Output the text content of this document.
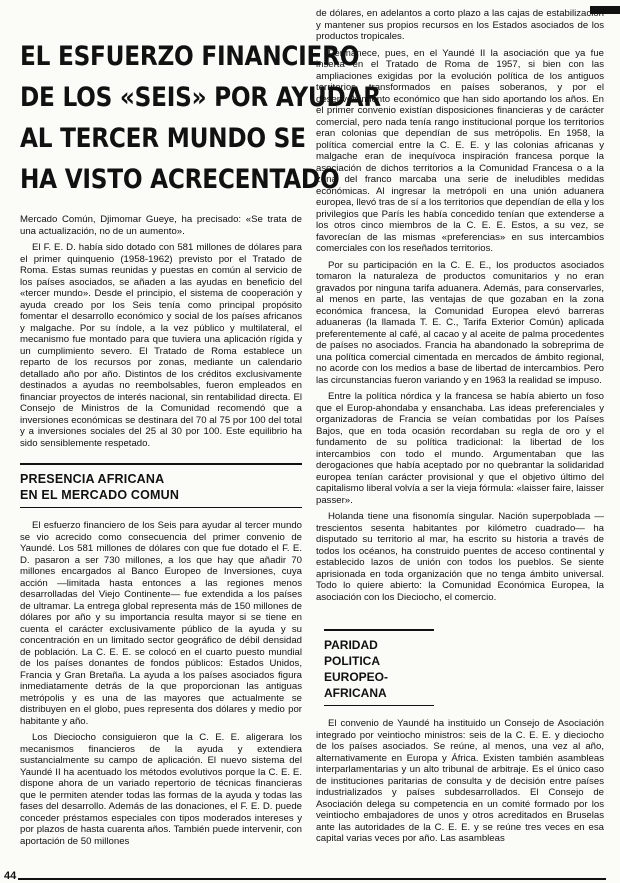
EL ESFUERZO FINANCIERO
DE LOS «SEIS» POR AYUDAR
AL TERCER MUNDO SE
HA VISTO ACRECENTADO

Mercado Común, Djimomar Gueye, ha precisado: «Se trata de una actualización, no de un aumento».

El F. E. D. había sido dotado con 581 millones de dólares para el primer quinquenio (1958-1962) previsto por el Tratado de Roma. Estas sumas reunidas y puestas en común al servicio de los países asociados, se añaden a las ayudas en beneficio del «tercer mundo». Desde el principio, el sistema de cooperación y ayuda creado por los Seis tenía como principal propósito fomentar el desarrollo económico y social de los países africanos y malgache. Por su índole, a la vez público y multilateral, el mecanismo fue montado para que tuviera una aplicación rígida y un cumplimiento severo. El Tratado de Roma establece un reparto de los recursos por zonas, mediante un calendario detallado año por año. Distintos de los créditos exclusivamente destinados a ayudas no reembolsables, fueron empleados en financiar proyectos de interés nacional, sin rentabilidad directa. El Consejo de Ministros de la Comunidad recomendó que a inversiones económicas se destinara del 70 al 75 por 100 del total y a inversiones sociales del 25 al 30 por 100. Este equilibrio ha sido sensiblemente respetado.

PRESENCIA AFRICANA
EN EL MERCADO COMUN

El esfuerzo financiero de los Seis para ayudar al tercer mundo se vio acrecido como consecuencia del primer convenio de Yaundé. Los 581 millones de dólares con que fue dotado el F. E. D. pasaron a ser 730 millones, a los que hay que añadir 70 millones encargados al Banco Europeo de Inversiones, cuya acción —limitada hasta entonces a las regiones menos desarrolladas del Viejo Continente— fue extendida a los países de ultramar. La entrega global representa más de 150 millones de dólares por año y su importancia resulta mayor si se tiene en cuenta el carácter exclusivamente público de la ayuda y su concentración en un limitado sector geográfico de débil densidad de población. La C. E. E. se colocó en el cuarto puesto mundial de los países donantes de fondos públicos: Estados Unidos, Francia y Gran Bretaña. La ayuda a los países asociados figura inmediatamente detrás de la que proporcionan las antiguas metrópolis y es una de las mayores que actualmente se distribuyen en el globo, pues representa dos dólares y medio por habitante y año.

Los Dieciocho consiguieron que la C. E. E. aligerara los mecanismos financieros de la ayuda y extendiera sustancialmente su campo de aplicación. El nuevo sistema del Yaundé II ha acentuado los métodos evolutivos porque la C. E. E. dispone ahora de un variado repertorio de técnicas financieras que le permiten atender todas las formas de la ayuda y todas las fases del desarrollo. Además de las donaciones, el F. E. D. puede conceder préstamos especiales con tipos moderados intereses y por plazos de hasta cuarenta años. También puede intervenir, con aportación de 50 millones

de dólares, en adelantos a corto plazo a las cajas de estabilización y mantener sus propios recursos en los Estados asociados de los productos tropicales.

Permanece, pues, en el Yaundé II la asociación que ya fue inserta en el Tratado de Roma de 1957, si bien con las ampliaciones exigidas por la evolución política de los antiguos territorios, transformados en países soberanos, y por el desenvolvimiento económico que han sido aportando los años. En el primer convenio existían disposiciones financieras y de carácter comercial, pero nada tenía rango institucional porque los territorios eran colonias que dependían de sus metrópolis. En 1958, la política comercial entre la C. E. E. y las colonias africanas y malgache eran de inequívoca inspiración francesa porque la asociación de dichos territorios a la Comunidad Francesa o a la zona del franco marcaba una serie de ineludibles medidas económicas. Al ingresar la metrópoli en una unión aduanera europea, llevó tras de sí a los territorios que dependían de ella y los privilegios que París les había concedido tenían que extenderse a los otros cinco miembros de la C. E. E. Estos, a su vez, se favorecían de las mismas «preferencias» en sus intercambios comerciales con los reseñados territorios.

Por su participación en la C. E. E., los productos asociados tomaron la naturaleza de productos comunitarios y no eran gravados por ninguna tarifa aduanera. Además, para conservarles, al menos en parte, las ventajas de que gozaban en la zona económica francesa, la Comunidad Europea elevó barreras aduaneras (la llamada T. E. C., Tarifa Exterior Común) aplicada preferentemente al café, al cacao y al aceite de palma procedentes de países no asociados. Francia ha abandonado la sobreprima de una política comercial cimentada en mercados de ámbito regional, no acorde con los medios a base de libertad de intercambios. Pero las circunstancias fueron variando y en 1963 la realidad se impuso.

Entre la política nórdica y la francesa se había abierto un foso que el Europ-ahondaba y ensanchaba. Las ideas preferenciales y organizadoras de Francia se veían combatidas por los Países Bajos, que en toda ocasión recordaban su regla de oro y el fundamento de su política tradicional: la libertad de los intercambios con todo el mundo. Argumentaban que las derogaciones que había aceptado por no quebrantar la solidaridad europea tenían carácter provisional y que el objetivo último del capitalismo liberal volvía a ser la vieja fórmula: «laisser faire, laisser passer».

Holanda tiene una fisonomía singular. Nación superpoblada —trescientos sesenta habitantes por kilómetro cuadrado— ha disputado su territorio al mar, ha escrito su historia a través de todos los océanos, ha construido puentes de acceso continental y establecido lazos de unión con todos los pueblos. Se siente aprisionada en toda organización que no tenga ámbito universal. Todo lo quiere abierto: la Comunidad Económica Europea, la asociación con los Dieciocho, el comercio.

PARIDAD POLITICA
EUROPEO-AFRICANA

El convenio de Yaundé ha instituido un Consejo de Asociación integrado por veintiocho ministros: seis de la C. E. E. y dieciocho de los países asociados. Se reúne, al menos, una vez al año, alternativamente en Europa y África. Existen también asambleas interparlamentarias y un alto tribunal de arbitraje. Es el único caso de instituciones paritarias de consulta y de decisión entre países industrializados y países subdesarrollados. El Consejo de Asociación delega su competencia en un comité formado por los veintiocho embajadores de unos y otros acreditados en Bruselas ante las autoridades de la C. E. E. y se reúne tres veces en esa capital varias veces por año. Las asambleas

44
